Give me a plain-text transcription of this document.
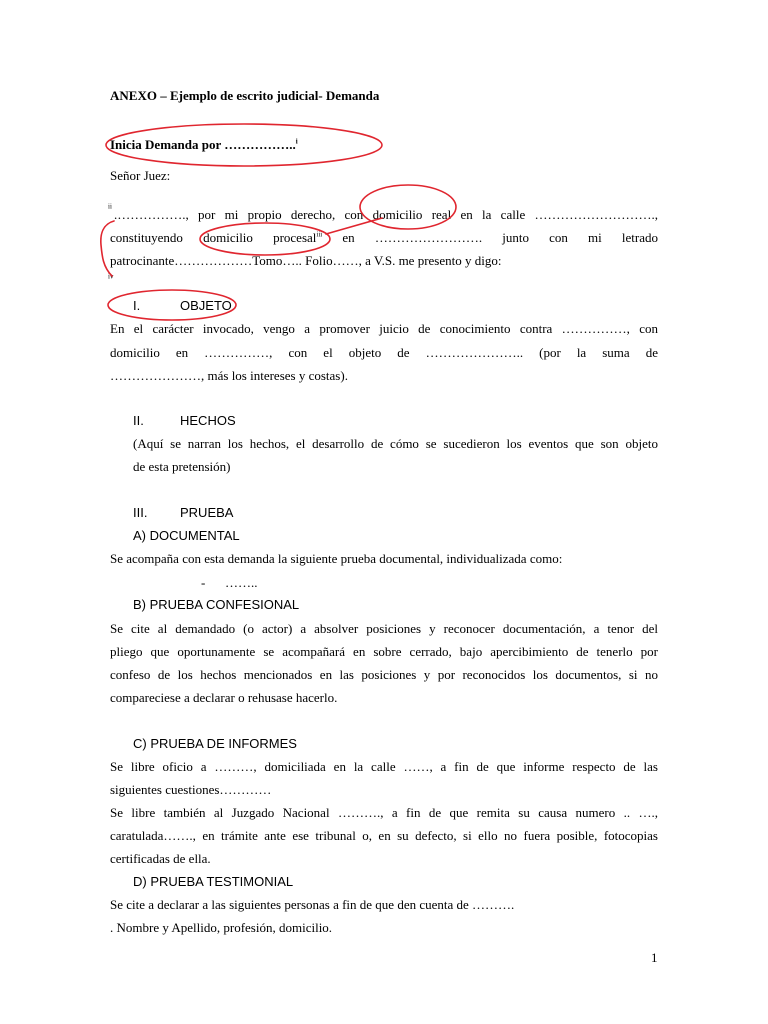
ANEXO – Ejemplo de escrito judicial- Demanda
Inicia Demanda por ……………..$^i$
Señor Juez:
$^{ii}$
.……………., por mi propio derecho, con domicilio real en la calle ……………………….,
constituyendo domicilio procesal$^{iii}$ en ……………………. junto con mi letrado
patrocinante………………Tomo….. Folio……, a V.S. me presento y digo:
$^{iv}$
I.	OBJETO
En el carácter invocado, vengo a promover juicio de conocimiento contra ……………, con
domicilio en ……………, con el objeto de ………………….. (por la suma de
…………………, más los intereses y costas).
II.	HECHOS
(Aquí se narran los hechos, el desarrollo de cómo se sucedieron los eventos que son objeto
de esta pretensión)
III.	PRUEBA
A) DOCUMENTAL
Se acompaña con esta demanda la siguiente prueba documental, individualizada como:
- ……..
B) PRUEBA CONFESIONAL
Se cite al demandado (o actor) a absolver posiciones y reconocer documentación, a tenor del
pliego que oportunamente se acompañará en sobre cerrado, bajo apercibimiento de tenerlo por
confeso de los hechos mencionados en las posiciones y por reconocidos los documentos, si no
compareciese a declarar o rehusase hacerlo.
C) PRUEBA DE INFORMES
Se libre oficio a ………, domiciliada en la calle ……, a fin de que informe respecto de las
siguientes cuestiones…………
Se libre también al Juzgado Nacional ………., a fin de que remita su causa numero .. ….,
caratulada……., en trámite ante ese tribunal o, en su defecto, si ello no fuera posible, fotocopias
certificadas de ella.
D) PRUEBA TESTIMONIAL
Se cite a declarar a las siguientes personas a fin de que den cuenta de ……….
. Nombre y Apellido, profesión, domicilio.
1
